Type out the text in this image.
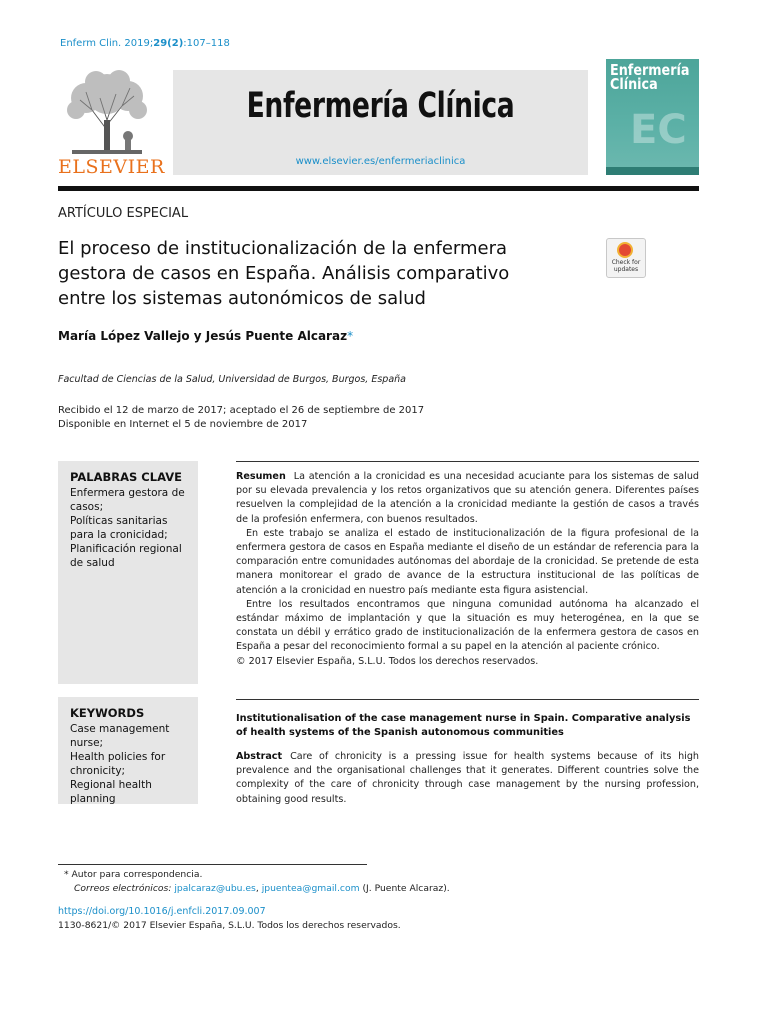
Enferm Clin. 2019;29(2):107–118
ELSEVIER
Enfermería Clínica
www.elsevier.es/enfermeriaclinica
Enfermería Clínica
EC
ARTÍCULO ESPECIAL
El proceso de institucionalización de la enfermera
gestora de casos en España. Análisis comparativo
entre los sistemas autonómicos de salud
Check for updates
María López Vallejo y Jesús Puente Alcaraz*
Facultad de Ciencias de la Salud, Universidad de Burgos, Burgos, España
Recibido el 12 de marzo de 2017; aceptado el 26 de septiembre de 2017
Disponible en Internet el 5 de noviembre de 2017
PALABRAS CLAVE

Enfermera gestora de casos;

Políticas sanitarias para la cronicidad;

Planificación regional de salud

Resumen La atención a la cronicidad es una necesidad acuciante para los sistemas de salud por su elevada prevalencia y los retos organizativos que su atención genera. Diferentes países resuelven la complejidad de la atención a la cronicidad mediante la gestión de casos a través de la profesión enfermera, con buenos resultados.

En este trabajo se analiza el estado de institucionalización de la figura profesional de la enfermera gestora de casos en España mediante el diseño de un estándar de referencia para la comparación entre comunidades autónomas del abordaje de la cronicidad. Se pretende de esta manera monitorear el grado de avance de la estructura institucional de las políticas de atención a la cronicidad en nuestro país mediante esta figura asistencial.

Entre los resultados encontramos que ninguna comunidad autónoma ha alcanzado el estándar máximo de implantación y que la situación es muy heterogénea, en la que se constata un débil y errático grado de institucionalización de la enfermera gestora de casos en España a pesar del reconocimiento formal a su papel en la atención al paciente crónico.

© 2017 Elsevier España, S.L.U. Todos los derechos reservados.

KEYWORDS

Case management nurse;

Health policies for chronicity;

Regional health planning

Institutionalisation of the case management nurse in Spain. Comparative analysis of health systems of the Spanish autonomous communities

Abstract Care of chronicity is a pressing issue for health systems because of its high prevalence and the organisational challenges that it generates. Different countries solve the complexity of the care of chronicity through case management by the nursing profession, obtaining good results.

* Autor para correspondencia.
Correos electrónicos: jpalcaraz@ubu.es, jpuentea@gmail.com (J. Puente Alcaraz).
https://doi.org/10.1016/j.enfcli.2017.09.007
1130-8621/© 2017 Elsevier España, S.L.U. Todos los derechos reservados.
